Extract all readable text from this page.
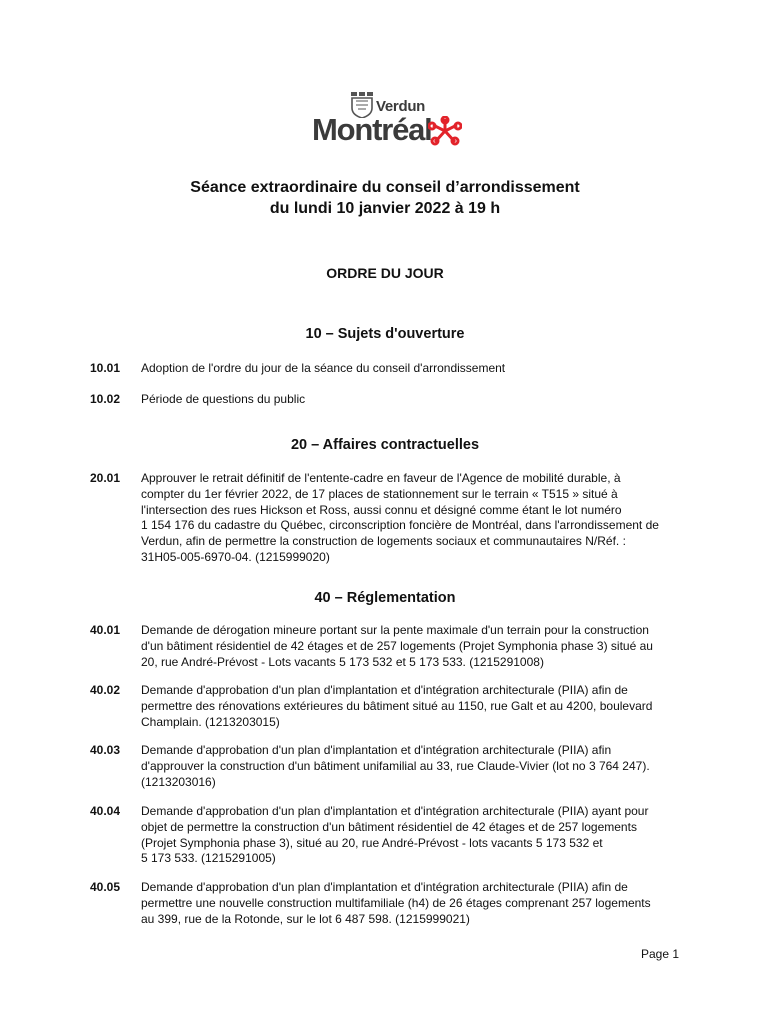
Verdun
Montréal
Séance extraordinaire du conseil d’arrondissement
du lundi 10 janvier 2022 à 19 h
ORDRE DU JOUR
10 – Sujets d'ouverture
10.01 Adoption de l'ordre du jour de la séance du conseil d'arrondissement
10.02 Période de questions du public
20 – Affaires contractuelles
20.01 Approuver le retrait définitif de l'entente-cadre en faveur de l'Agence de mobilité durable, à
compter du 1er février 2022, de 17 places de stationnement sur le terrain « T515 » situé à
l'intersection des rues Hickson et Ross, aussi connu et désigné comme étant le lot numéro
1 154 176 du cadastre du Québec, circonscription foncière de Montréal, dans l'arrondissement de
Verdun, afin de permettre la construction de logements sociaux et communautaires N/Réf. :
31H05-005-6970-04. (1215999020)
40 – Réglementation
40.01 Demande de dérogation mineure portant sur la pente maximale d'un terrain pour la construction
d'un bâtiment résidentiel de 42 étages et de 257 logements (Projet Symphonia phase 3) situé au
20, rue André-Prévost - Lots vacants 5 173 532 et 5 173 533. (1215291008)
40.02 Demande d'approbation d'un plan d'implantation et d'intégration architecturale (PIIA) afin de
permettre des rénovations extérieures du bâtiment situé au 1150, rue Galt et au 4200, boulevard
Champlain. (1213203015)
40.03 Demande d'approbation d'un plan d'implantation et d'intégration architecturale (PIIA) afin
d'approuver la construction d'un bâtiment unifamilial au 33, rue Claude-Vivier (lot no 3 764 247).
(1213203016)
40.04 Demande d'approbation d'un plan d'implantation et d'intégration architecturale (PIIA) ayant pour
objet de permettre la construction d'un bâtiment résidentiel de 42 étages et de 257 logements
(Projet Symphonia phase 3), situé au 20, rue André-Prévost - lots vacants 5 173 532 et
5 173 533. (1215291005)
40.05 Demande d'approbation d'un plan d'implantation et d'intégration architecturale (PIIA) afin de
permettre une nouvelle construction multifamiliale (h4) de 26 étages comprenant 257 logements
au 399, rue de la Rotonde, sur le lot 6 487 598. (1215999021)
Page 1
